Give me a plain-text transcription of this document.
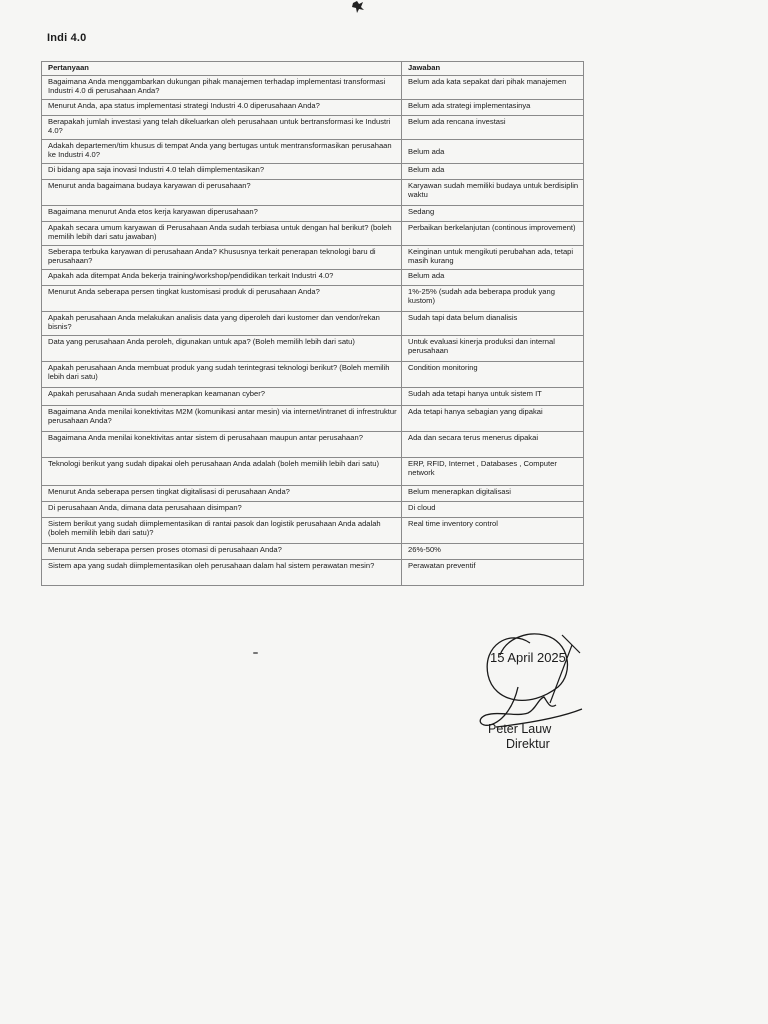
Indi 4.0
Pertanyaan	Jawaban
Bagaimana Anda menggambarkan dukungan pihak manajemen terhadap implementasi transformasi Industri 4.0 di perusahaan Anda?	Belum ada kata sepakat dari pihak manajemen
Menurut Anda, apa status implementasi strategi Industri 4.0 diperusahaan Anda?	Belum ada strategi implementasinya
Berapakah jumlah investasi yang telah dikeluarkan oleh perusahaan untuk bertransformasi ke Industri 4.0?	Belum ada rencana investasi
Adakah departemen/tim khusus di tempat Anda yang bertugas untuk mentransformasikan perusahaan ke Industri 4.0?	Belum ada
Di bidang apa saja inovasi Industri 4.0 telah diimplementasikan?	Belum ada
Menurut anda bagaimana budaya karyawan di perusahaan?	Karyawan sudah memiliki budaya untuk berdisiplin waktu
Bagaimana menurut Anda etos kerja karyawan diperusahaan?	Sedang
Apakah secara umum karyawan di Perusahaan Anda sudah terbiasa untuk dengan hal berikut? (boleh memilih lebih dari satu jawaban)	Perbaikan berkelanjutan (continous improvement)
Seberapa terbuka karyawan di perusahaan Anda? Khususnya terkait penerapan teknologi baru di perusahaan?	Keinginan untuk mengikuti perubahan ada, tetapi masih kurang
Apakah ada ditempat Anda bekerja training/workshop/pendidikan terkait Industri 4.0?	Belum ada
Menurut Anda seberapa persen tingkat kustomisasi produk di perusahaan Anda?	1%-25% (sudah ada beberapa produk yang kustom)
Apakah perusahaan Anda melakukan analisis data yang diperoleh dari kustomer dan vendor/rekan bisnis?	Sudah tapi data belum dianalisis
Data yang perusahaan Anda peroleh, digunakan untuk apa? (Boleh memilih lebih dari satu)	Untuk evaluasi kinerja produksi dan internal perusahaan
Apakah perusahaan Anda membuat produk yang sudah terintegrasi teknologi berikut? (Boleh memilih lebih dari satu)	Condition monitoring
Apakah perusahaan Anda sudah menerapkan keamanan cyber?	Sudah ada tetapi hanya untuk sistem IT
Bagaimana Anda menilai konektivitas M2M (komunikasi antar mesin) via internet/intranet di infrestruktur perusahaan Anda?	Ada tetapi hanya sebagian yang dipakai
Bagaimana Anda menilai konektivitas antar sistem di perusahaan maupun antar perusahaan?	Ada dan secara terus menerus dipakai
Teknologi berikut yang sudah dipakai oleh perusahaan Anda adalah (boleh memilih lebih dari satu)	ERP, RFID, Internet , Databases , Computer network
Menurut Anda seberapa persen tingkat digitalisasi di perusahaan Anda?	Belum menerapkan digitalisasi
Di perusahaan Anda, dimana data perusahaan disimpan?	Di cloud
Sistem berikut yang sudah diimplementasikan di rantai pasok dan logistik perusahaan Anda adalah (boleh memilih lebih dari satu)?	Real time inventory control
Menurut Anda seberapa persen proses otomasi di perusahaan Anda?	26%-50%
Sistem apa yang sudah diimplementasikan oleh perusahaan dalam hal sistem perawatan mesin?	Perawatan preventif
15 April 2025
Peter Lauw
Direktur
